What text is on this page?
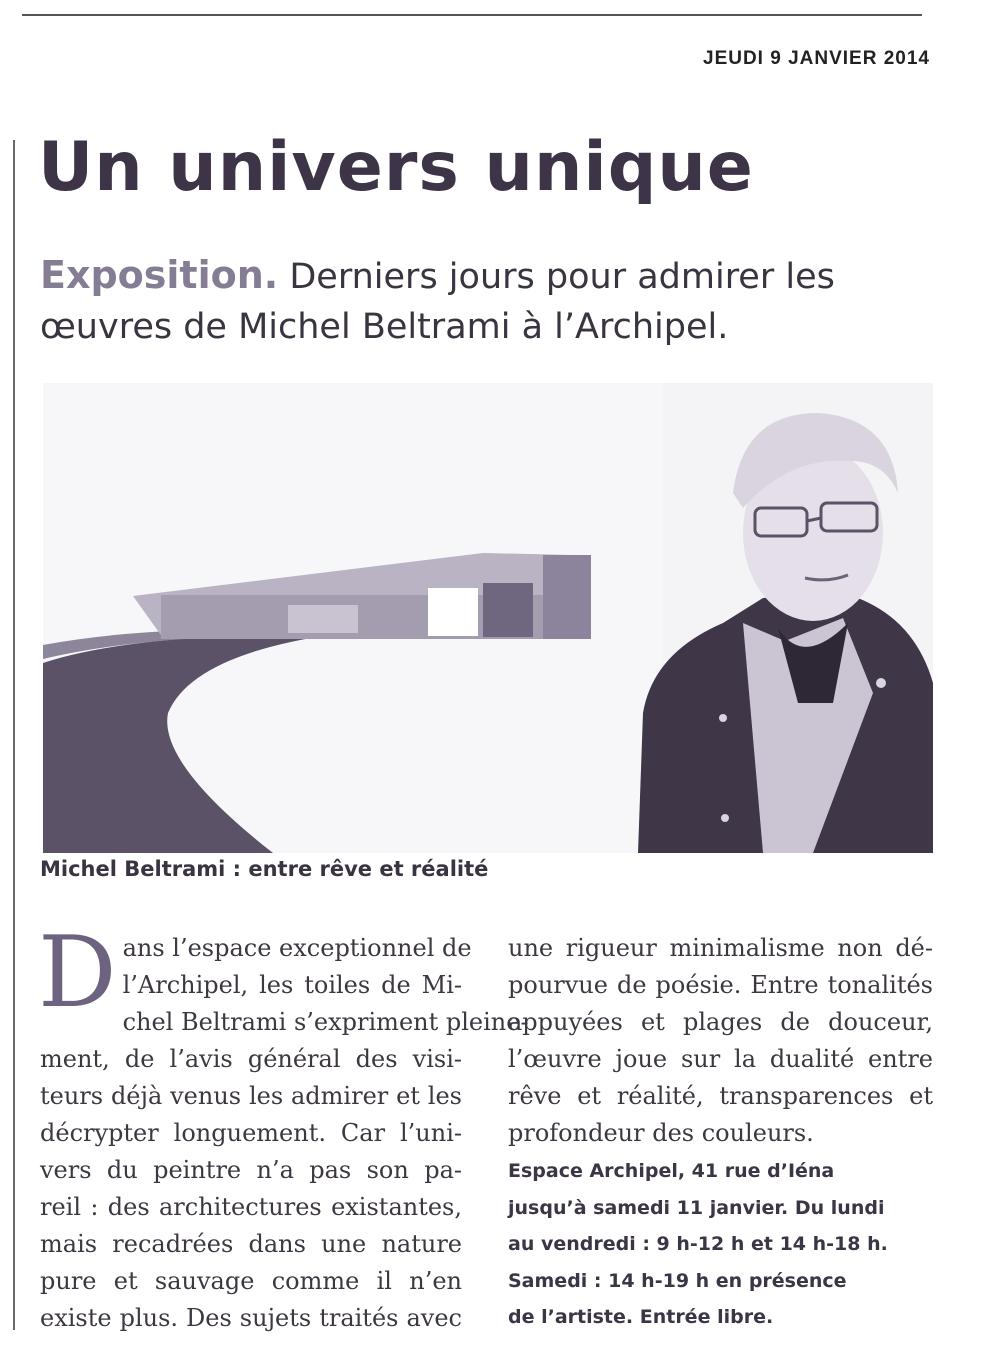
JEUDI 9 JANVIER 2014
Un univers unique

Exposition. Derniers jours pour admirer les œuvres de Michel Beltrami à l’Archipel.

Michel Beltrami : entre rêve et réalité

D ans l’espace exceptionnel de
l’Archipel, les toiles de Mi-
chel Beltrami s’expriment pleine-
ment, de l’avis général des visi-
teurs déjà venus les admirer et les
décrypter longuement. Car l’uni-
vers du peintre n’a pas son pa-
reil : des architectures existantes,
mais recadrées dans une nature
pure et sauvage comme il n’en
existe plus. Des sujets traités avec
une rigueur minimalisme non dé-
pourvue de poésie. Entre tonalités
appuyées et plages de douceur,
l’œuvre joue sur la dualité entre
rêve et réalité, transparences et
profondeur des couleurs.
Espace Archipel, 41 rue d’Iéna
jusqu’à samedi 11 janvier. Du lundi
au vendredi : 9 h-12 h et 14 h-18 h.
Samedi : 14 h-19 h en présence
de l’artiste. Entrée libre.
